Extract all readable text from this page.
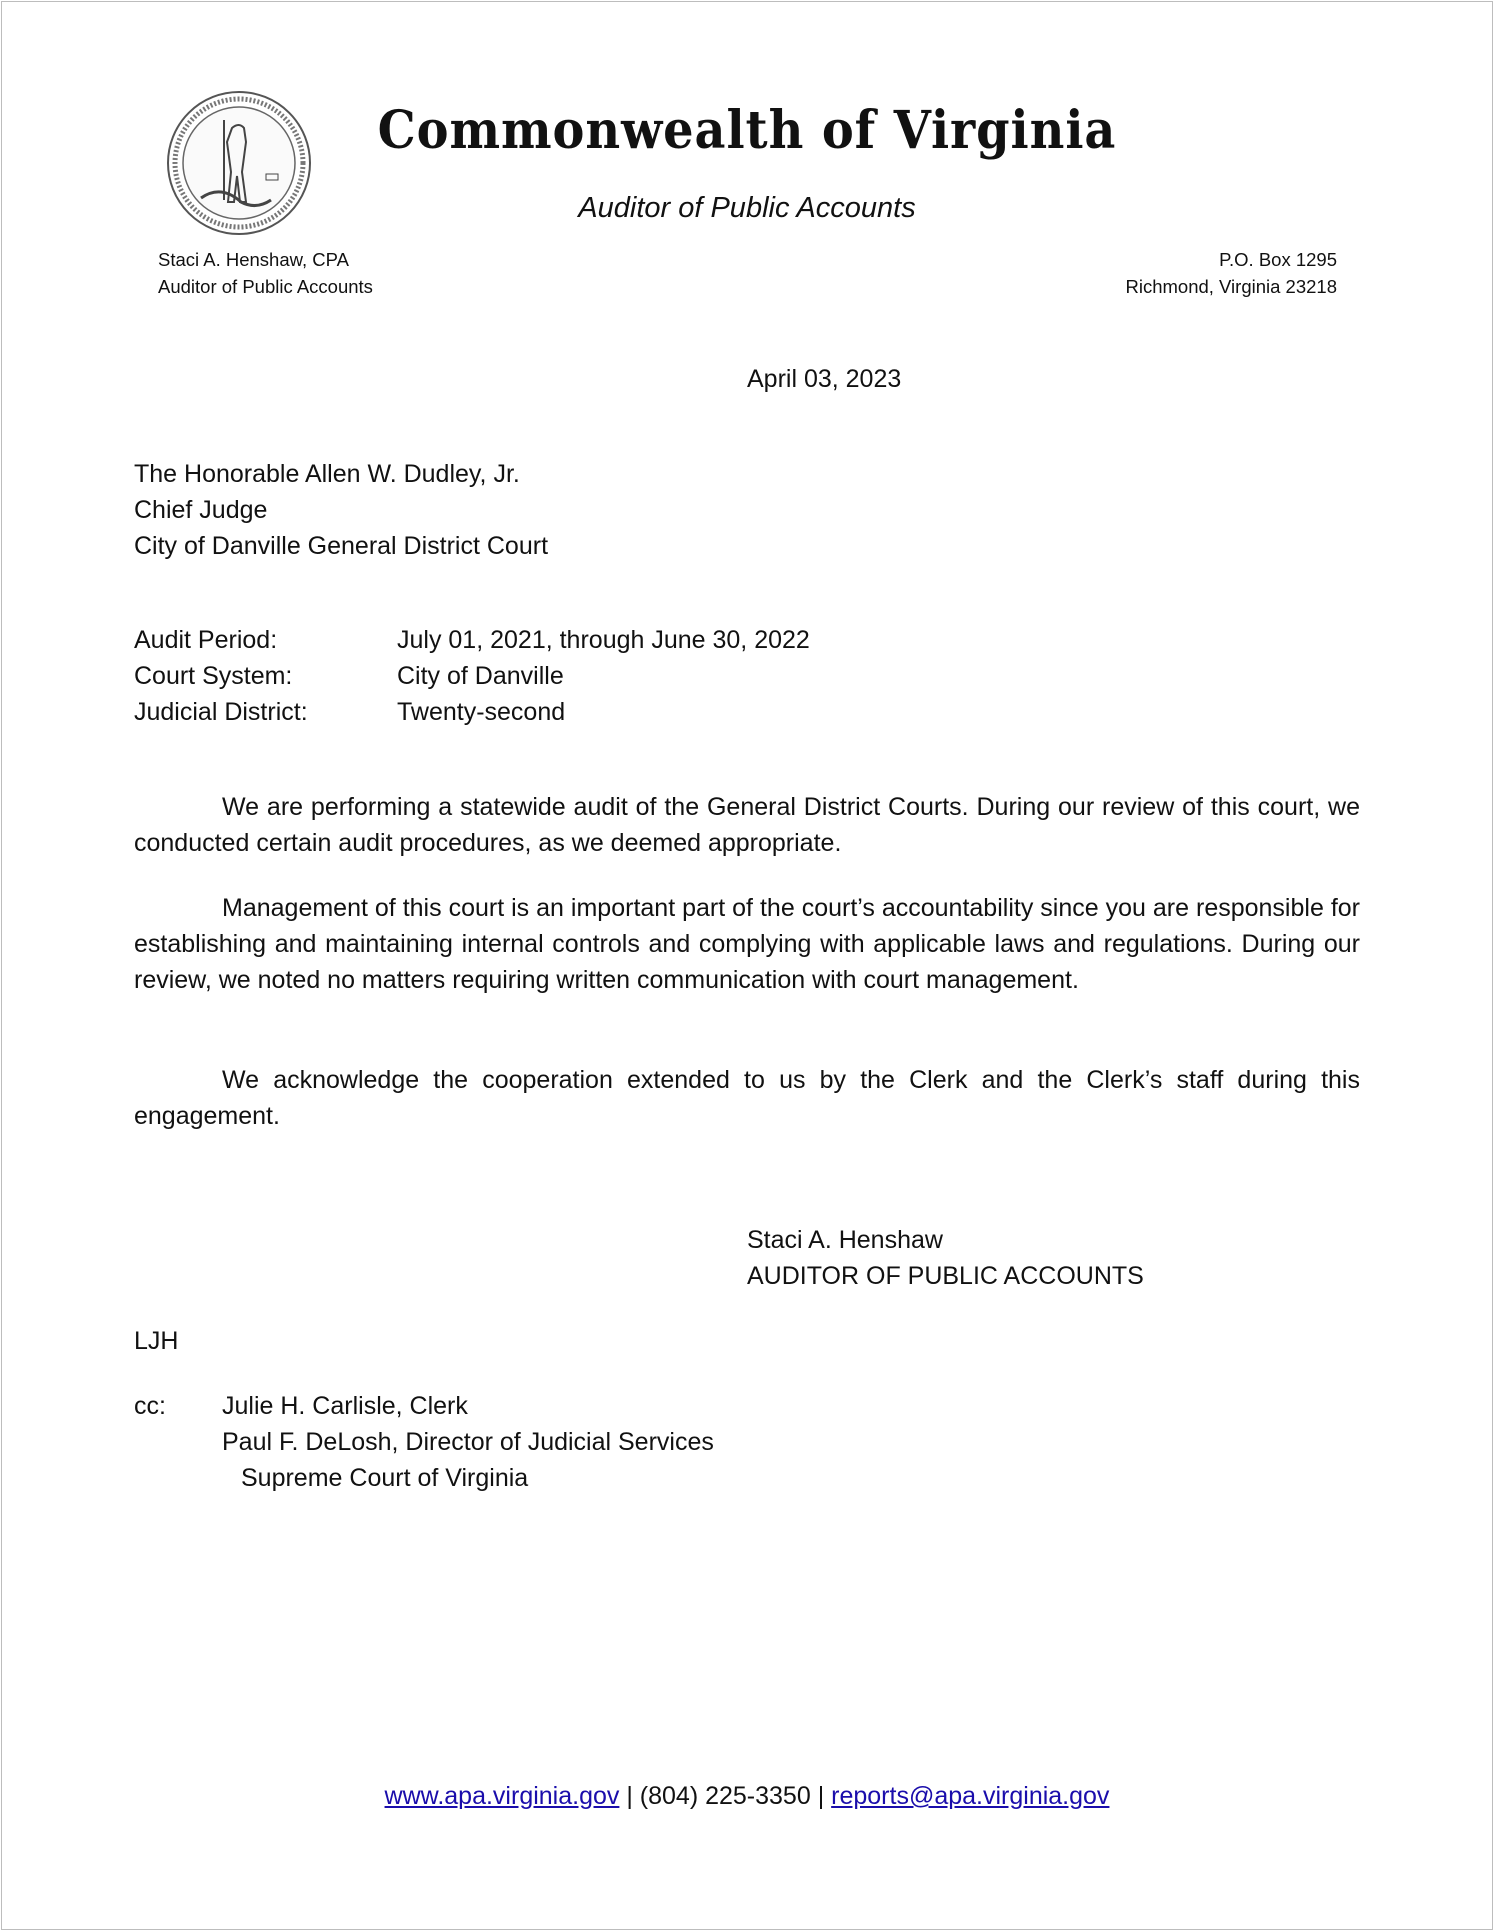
Commonwealth of Virginia
Auditor of Public Accounts
Staci A. Henshaw, CPA
Auditor of Public Accounts
P.O. Box 1295
Richmond, Virginia 23218
April 03, 2023
The Honorable Allen W. Dudley, Jr.
Chief Judge
City of Danville General District Court
Audit Period:	July 01, 2021, through June 30, 2022
Court System:	City of Danville
Judicial District:	Twenty-second
We are performing a statewide audit of the General District Courts. During our review of this court, we conducted certain audit procedures, as we deemed appropriate.
Management of this court is an important part of the court’s accountability since you are responsible for establishing and maintaining internal controls and complying with applicable laws and regulations. During our review, we noted no matters requiring written communication with court management.
We acknowledge the cooperation extended to us by the Clerk and the Clerk’s staff during this engagement.
Staci A. Henshaw
AUDITOR OF PUBLIC ACCOUNTS
LJH
cc: Julie H. Carlisle, Clerk
Paul F. DeLosh, Director of Judicial Services
Supreme Court of Virginia
www.apa.virginia.gov | (804) 225-3350 | reports@apa.virginia.gov
